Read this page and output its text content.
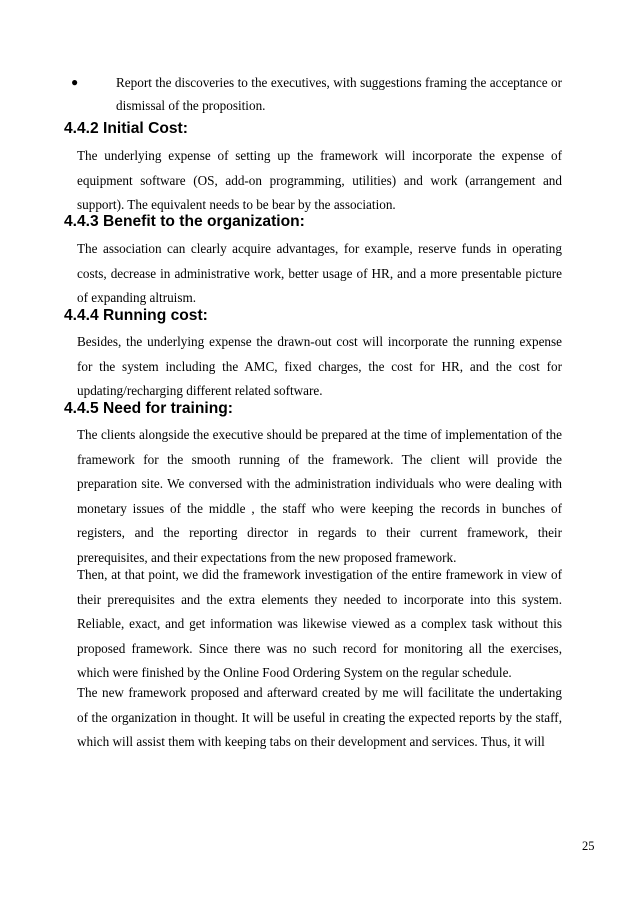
●	Report the discoveries to the executives, with suggestions framing the acceptance or dismissal of the proposition.
4.4.2 Initial Cost:

The underlying expense of setting up the framework will incorporate the expense of equipment software (OS, add-on programming, utilities) and work (arrangement and support). The equivalent needs to be bear by the association.

4.4.3 Benefit to the organization:

The association can clearly acquire advantages, for example, reserve funds in operating costs, decrease in administrative work, better usage of HR, and a more presentable picture of expanding altruism.

4.4.4 Running cost:

Besides, the underlying expense the drawn-out cost will incorporate the running expense for the system including the AMC, fixed charges, the cost for HR, and the cost for updating/recharging different related software.

4.4.5 Need for training:

The clients alongside the executive should be prepared at the time of implementation of the framework for the smooth running of the framework. The client will provide the preparation site. We conversed with the administration individuals who were dealing with monetary issues of the middle , the staff who were keeping the records in bunches of registers, and the reporting director in regards to their current framework, their prerequisites, and their expectations from the new proposed framework.

Then, at that point, we did the framework investigation of the entire framework in view of their prerequisites and the extra elements they needed to incorporate into this system. Reliable, exact, and get information was likewise viewed as a complex task without this proposed framework. Since there was no such record for monitoring all the exercises, which were finished by the Online Food Ordering System on the regular schedule.

The new framework proposed and afterward created by me will facilitate the undertaking of the organization in thought. It will be useful in creating the expected reports by the staff, which will assist them with keeping tabs on their development and services. Thus, it will

25
